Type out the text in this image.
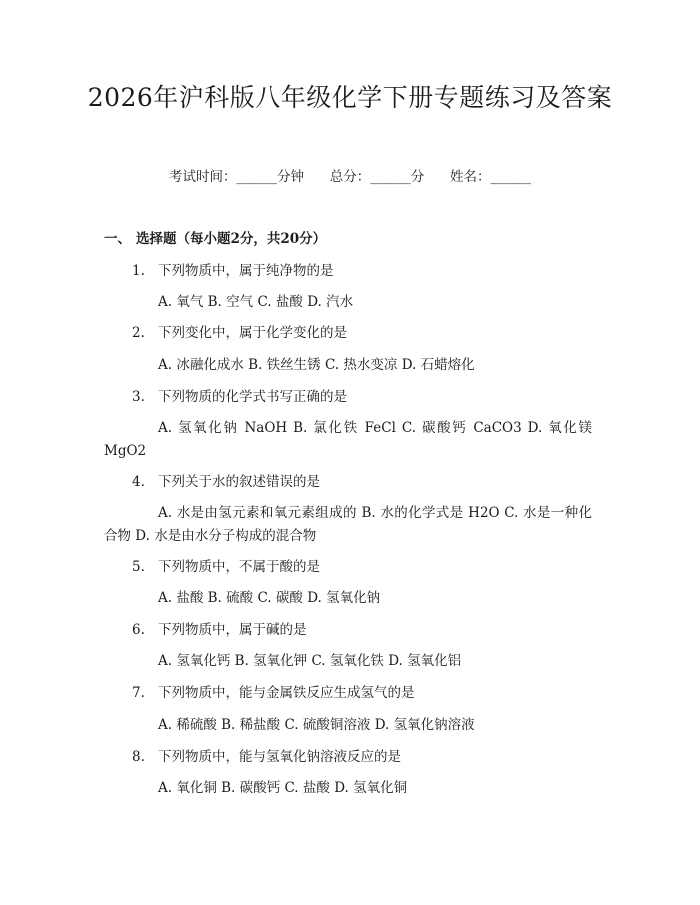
2026年沪科版八年级化学下册专题练习及答案
考试时间：______分钟 总分：______分 姓名：______
一、 选择题（每小题2分，共20分）
1. 下列物质中，属于纯净物的是
A. 氧气 B. 空气 C. 盐酸 D. 汽水
2. 下列变化中，属于化学变化的是
A. 冰融化成水 B. 铁丝生锈 C. 热水变凉 D. 石蜡熔化
3. 下列物质的化学式书写正确的是
A. 氢氧化钠 NaOH B. 氯化铁 FeCl C. 碳酸钙 CaCO3 D. 氧化镁 MgO2
4. 下列关于水的叙述错误的是
A. 水是由氢元素和氧元素组成的 B. 水的化学式是 H2O C. 水是一种化合物 D. 水是由水分子构成的混合物
5. 下列物质中，不属于酸的是
A. 盐酸 B. 硫酸 C. 碳酸 D. 氢氧化钠
6. 下列物质中，属于碱的是
A. 氢氧化钙 B. 氢氧化钾 C. 氢氧化铁 D. 氢氧化铝
7. 下列物质中，能与金属铁反应生成氢气的是
A. 稀硫酸 B. 稀盐酸 C. 硫酸铜溶液 D. 氢氧化钠溶液
8. 下列物质中，能与氢氧化钠溶液反应的是
A. 氧化铜 B. 碳酸钙 C. 盐酸 D. 氢氧化铜
